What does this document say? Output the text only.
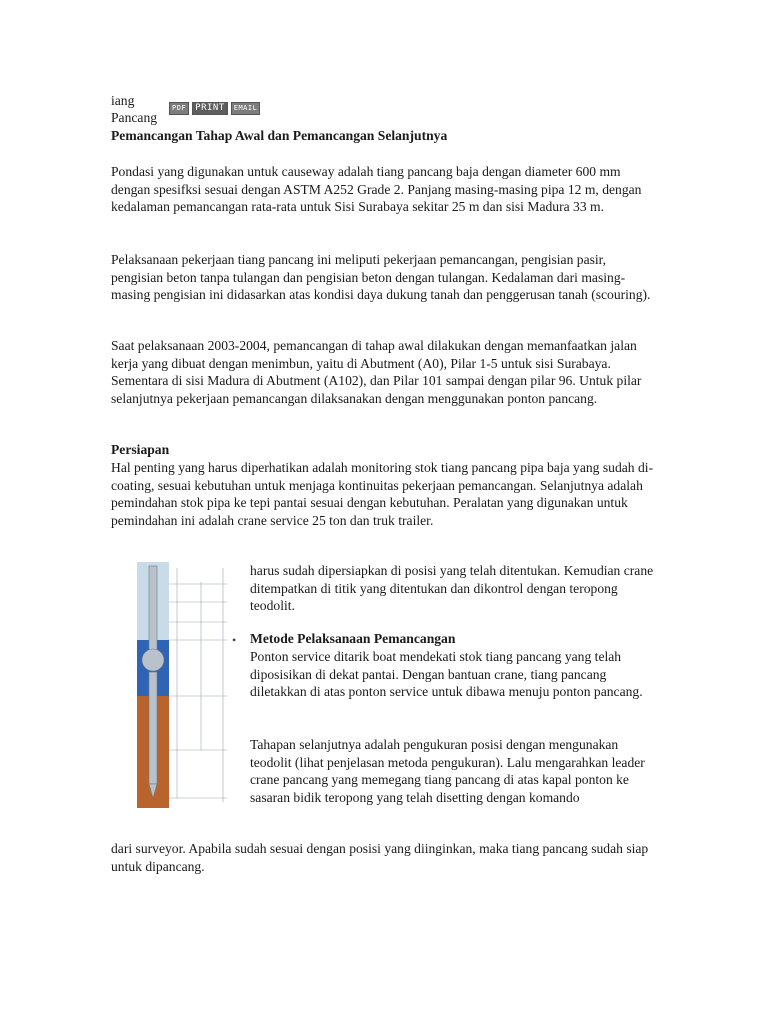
iang
Pancang
PDF	PRINT	EMAIL

Pemancangan Tahap Awal dan Pemancangan Selanjutnya

Pondasi yang digunakan untuk causeway adalah tiang pancang baja dengan diameter 600 mm dengan spesifksi sesuai dengan ASTM A252 Grade 2. Panjang masing-masing pipa 12 m, dengan kedalaman pemancangan rata-rata untuk Sisi Surabaya sekitar 25 m dan sisi Madura 33 m.

Pelaksanaan pekerjaan tiang pancang ini meliputi pekerjaan pemancangan, pengisian pasir, pengisian beton tanpa tulangan dan pengisian beton dengan tulangan. Kedalaman dari masing-masing pengisian ini didasarkan atas kondisi daya dukung tanah dan penggerusan tanah (scouring).

Saat pelaksanaan 2003-2004, pemancangan di tahap awal dilakukan dengan memanfaatkan jalan kerja yang dibuat dengan menimbun, yaitu di Abutment (A0), Pilar 1-5 untuk sisi Surabaya. Sementara di sisi Madura di Abutment (A102), dan Pilar 101 sampai dengan pilar 96. Untuk pilar selanjutnya pekerjaan pemancangan dilaksanakan dengan menggunakan ponton pancang.

Persiapan

Hal penting yang harus diperhatikan adalah monitoring stok tiang pancang pipa baja yang sudah di-coating, sesuai kebutuhan untuk menjaga kontinuitas pekerjaan pemancangan. Selanjutnya adalah pemindahan stok pipa ke tepi pantai sesuai dengan kebutuhan. Peralatan yang digunakan untuk pemindahan ini adalah crane service 25 ton dan truk trailer.

harus sudah dipersiapkan di posisi yang telah ditentukan. Kemudian crane ditempatkan di titik yang ditentukan dan dikontrol dengan teropong teodolit.

• Metode Pelaksanaan Pemancangan

Ponton service ditarik boat mendekati stok tiang pancang yang telah diposisikan di dekat pantai. Dengan bantuan crane, tiang pancang diletakkan di atas ponton service untuk dibawa menuju ponton pancang.

Tahapan selanjutnya adalah pengukuran posisi dengan mengunakan teodolit (lihat penjelasan metoda pengukuran). Lalu mengarahkan leader crane pancang yang memegang tiang pancang di atas kapal ponton ke sasaran bidik teropong yang telah disetting dengan komando

dari surveyor. Apabila sudah sesuai dengan posisi yang diinginkan, maka tiang pancang sudah siap untuk dipancang.
